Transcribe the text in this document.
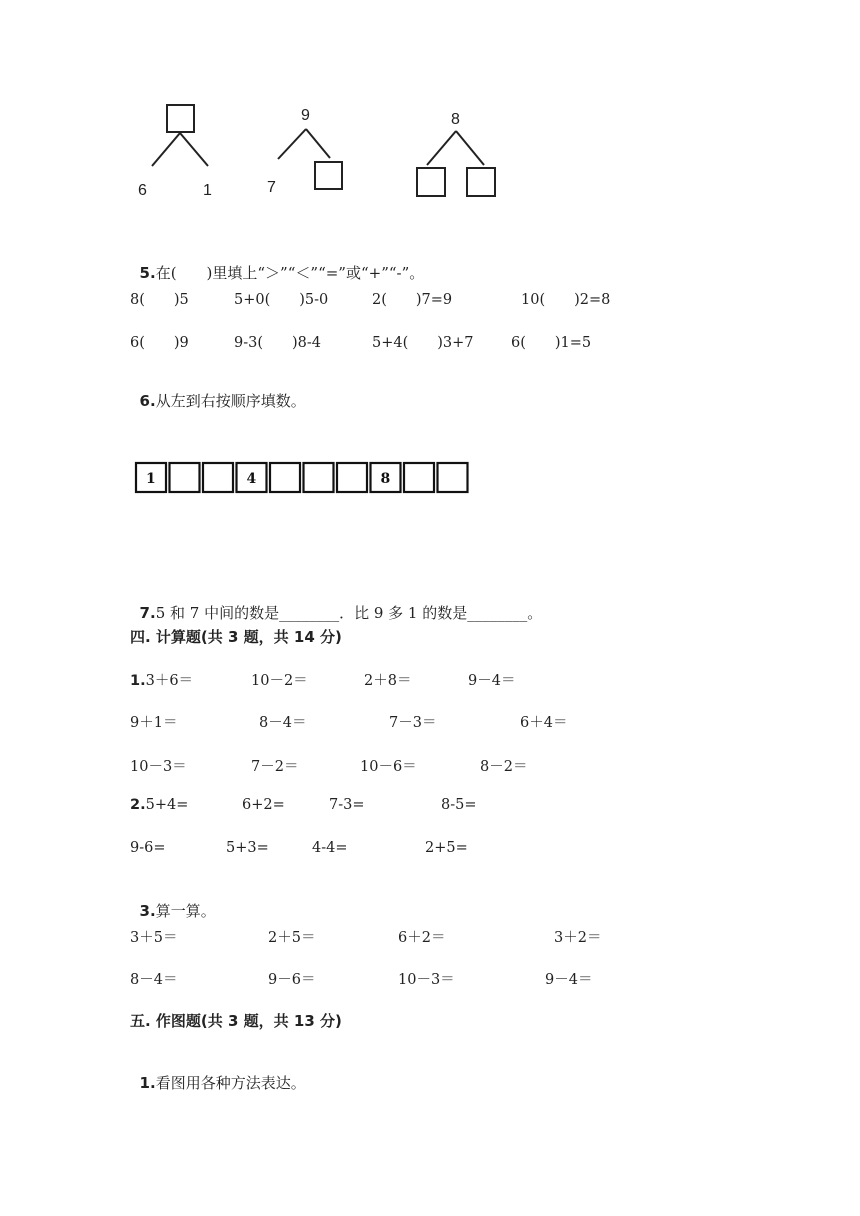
6	1
9
7
8

5.在(　　)里填上“＞”“＜”“=”或“+”“-”。

8(　　)5	5+0(　　)5-0	2(　　)7=9	10(　　)2=8
6(　　)9	9-3(　　)8-4	5+4(　　)3+7	6(　　)1=5

6.从左到右按顺序填数。

1	4	8

7.5 和 7 中间的数是________．比 9 多 1 的数是________。

四. 计算题(共 3 题，共 14 分)
1.3＋6＝	10－2＝	2＋8＝	9－4＝
9＋1＝	8－4＝	7－3＝	6＋4＝
10－3＝	7－2＝	10－6＝	8－2＝
2.5+4=	6+2=	7-3=	8-5=
9-6=	5+3=	4-4=	2+5=

3.算一算。

3＋5＝	2＋5＝	6＋2＝	3＋2＝
8－4＝	9－6＝	10－3＝	9－4＝
五. 作图题(共 3 题，共 13 分)

1.看图用各种方法表达。
